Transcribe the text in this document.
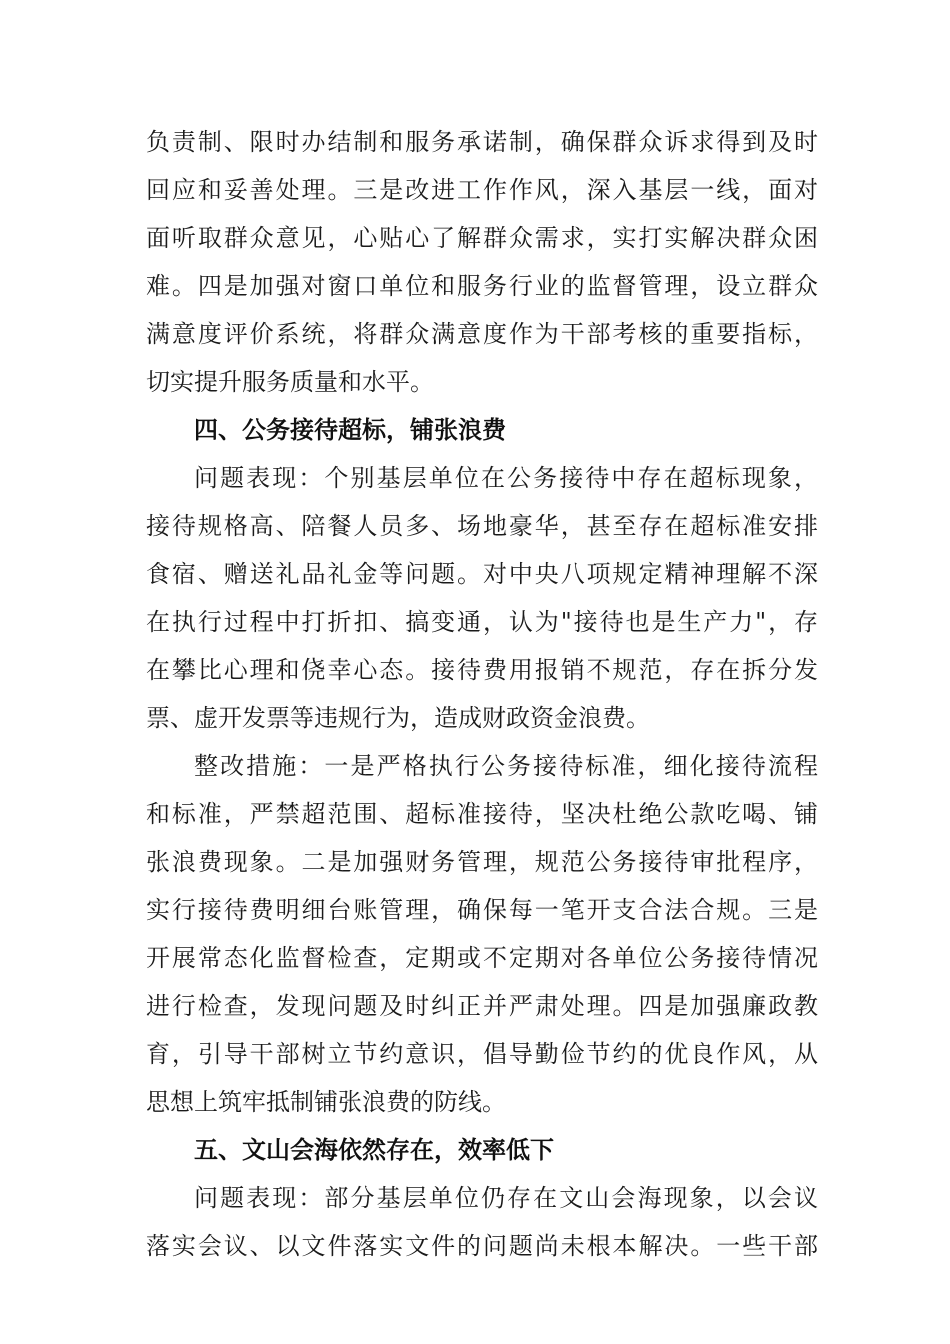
负责制、限时办结制和服务承诺制，确保群众诉求得到及时
回应和妥善处理。三是改进工作作风，深入基层一线，面对
面听取群众意见，心贴心了解群众需求，实打实解决群众困
难。四是加强对窗口单位和服务行业的监督管理，设立群众
满意度评价系统，将群众满意度作为干部考核的重要指标，
切实提升服务质量和水平。
四、公务接待超标，铺张浪费
问题表现：个别基层单位在公务接待中存在超标现象，
接待规格高、陪餐人员多、场地豪华，甚至存在超标准安排
食宿、赠送礼品礼金等问题。对中央八项规定精神理解不深
在执行过程中打折扣、搞变通，认为"接待也是生产力"，存
在攀比心理和侥幸心态。接待费用报销不规范，存在拆分发
票、虚开发票等违规行为，造成财政资金浪费。
整改措施：一是严格执行公务接待标准，细化接待流程
和标准，严禁超范围、超标准接待，坚决杜绝公款吃喝、铺
张浪费现象。二是加强财务管理，规范公务接待审批程序，
实行接待费明细台账管理，确保每一笔开支合法合规。三是
开展常态化监督检查，定期或不定期对各单位公务接待情况
进行检查，发现问题及时纠正并严肃处理。四是加强廉政教
育，引导干部树立节约意识，倡导勤俭节约的优良作风，从
思想上筑牢抵制铺张浪费的防线。
五、文山会海依然存在，效率低下
问题表现：部分基层单位仍存在文山会海现象，以会议
落实会议、以文件落实文件的问题尚未根本解决。一些干部
